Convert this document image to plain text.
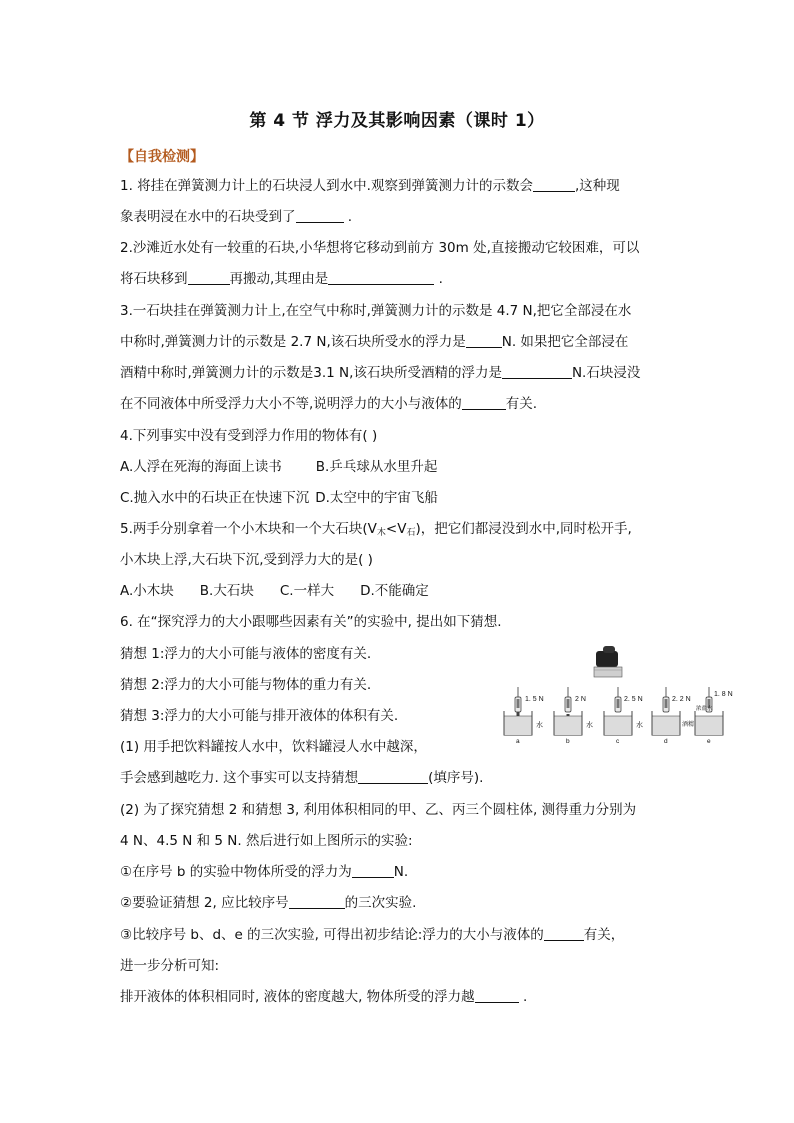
第 4 节 浮力及其影响因素（课时 1）
【自我检测】
1. 将挂在弹簧测力计上的石块浸人到水中.观察到弹簧测力计的示数会	,这种现
象表明浸在水中的石块受到了	.
2.沙滩近水处有一较重的石块,小华想将它移动到前方 30m 处,直接搬动它较困难，可以
将石块移到	再搬动,其理由是	.
3.一石块挂在弹簧测力计上,在空气中称时,弹簧测力计的示数是 4.7 N,把它全部浸在水
中称时,弹簧测力计的示数是 2.7 N,该石块所受水的浮力是	N. 如果把它全部浸在
酒精中称时,弹簧测力计的示数是3.1 N,该石块所受酒精的浮力是	N.石块浸没
在不同液体中所受浮力大小不等,说明浮力的大小与液体的	有关.
4.下列事实中没有受到浮力作用的物体有( )
A.人浮在死海的海面上读书	B.乒乓球从水里升起
C.抛入水中的石块正在快速下沉 D.太空中的宇宙飞船
5.两手分别拿着一个小木块和一个大石块$(V_木<V_石)$，把它们都浸没到水中,同时松开手,
小木块上浮,大石块下沉,受到浮力大的是( )
A.小木块 B.大石块 C.一样大 D.不能确定
6. 在“探究浮力的大小跟哪些因素有关”的实验中, 提出如下猜想.
猜想 1:浮力的大小可能与液体的密度有关.
猜想 2:浮力的大小可能与物体的重力有关.
猜想 3:浮力的大小可能与排开液体的体积有关.
(1) 用手把饮料罐按人水中，饮料罐浸人水中越深，
手会感到越吃力. 这个事实可以支持猜想	(填序号).
(2) 为了探究猜想 2 和猜想 3, 利用体积相同的甲、乙、丙三个圆柱体, 测得重力分别为
4 N、4.5 N 和 5 N. 然后进行如上图所示的实验:
①在序号 b 的实验中物体所受的浮力为	N.
②要验证猜想 2, 应比较序号	的三次实验.
③比较序号 b、d、e 的三次实验, 可得出初步结论:浮力的大小与液体的	有关，
进一步分析可知:
排开液体的体积相同时, 液体的密度越大, 物体所受的浮力越	.
1. 5 N
a
水
2 N
b
水
2. 5 N
c
水
2. 2 N
d
酒精
1. 8 N
e
浓盐水
